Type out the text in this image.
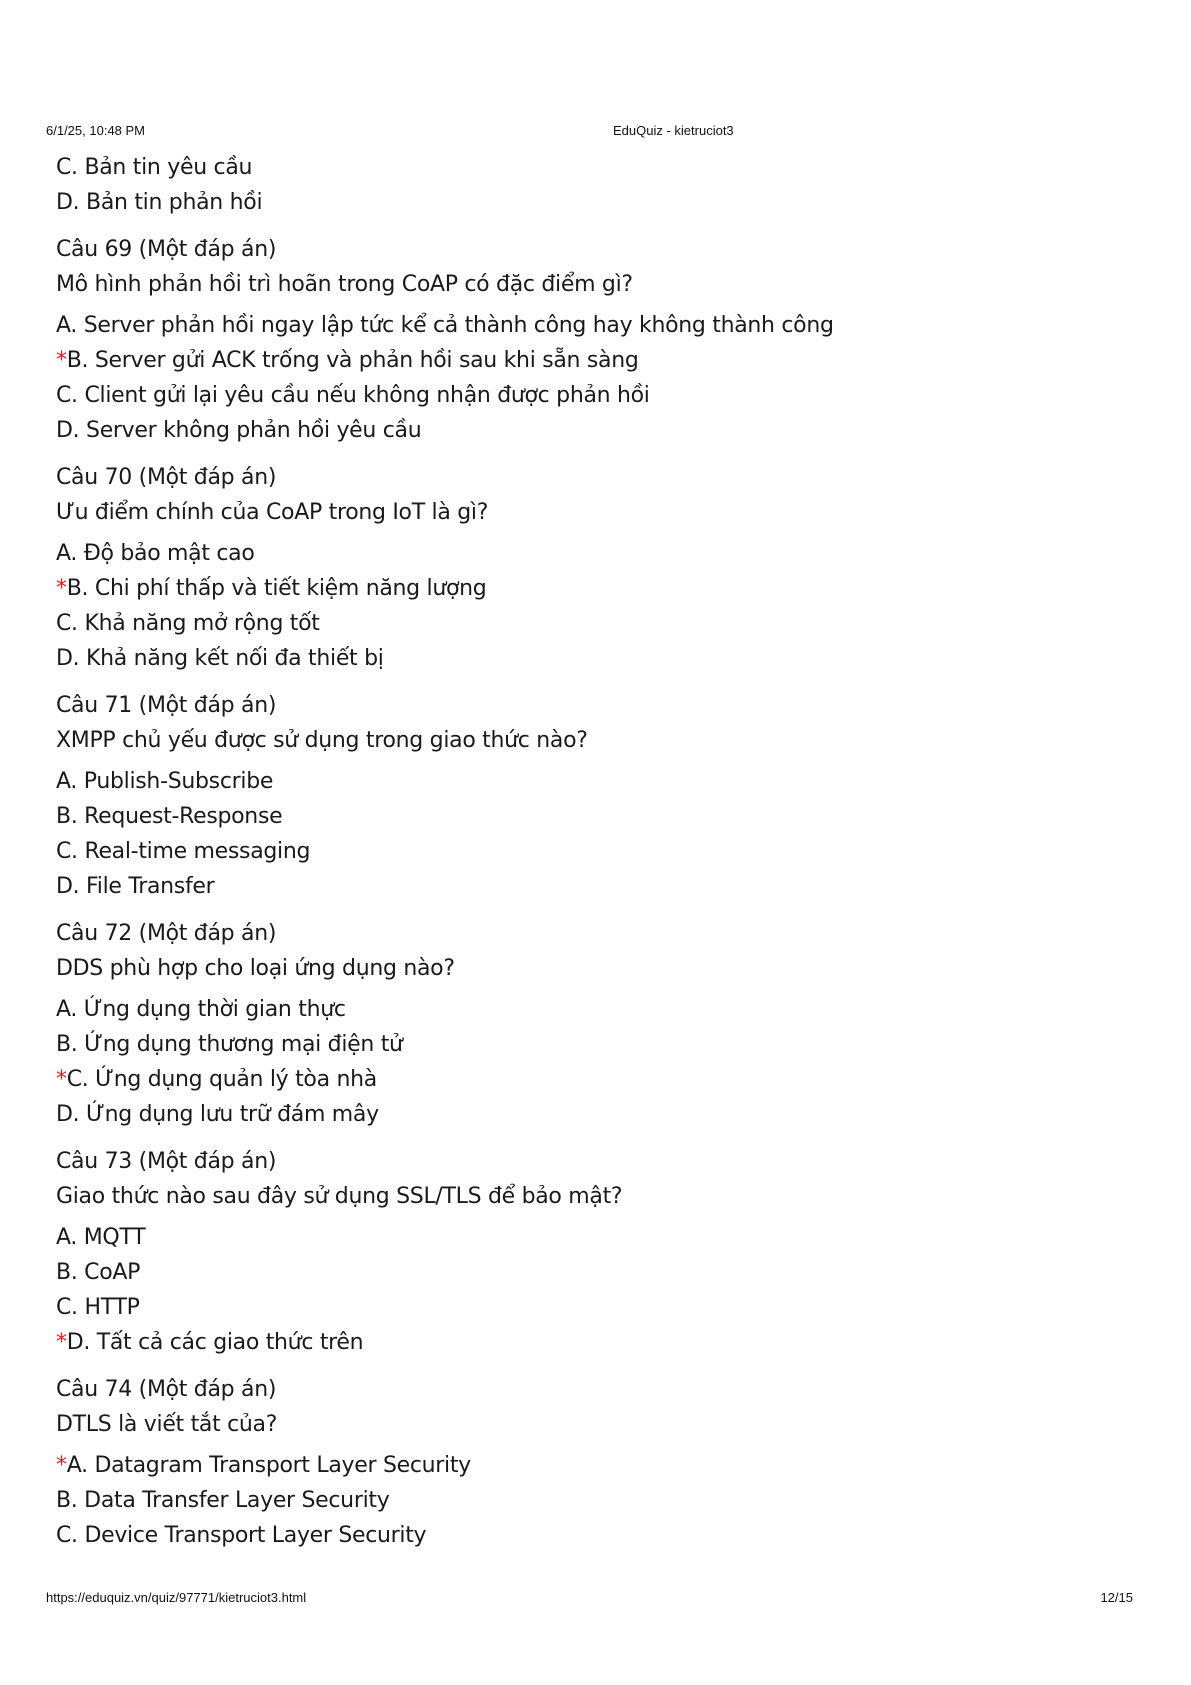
6/1/25, 10:48 PM	EduQuiz - kietruciot3
C. Bản tin yêu cầu
D. Bản tin phản hồi
Câu 69 (Một đáp án)
Mô hình phản hồi trì hoãn trong CoAP có đặc điểm gì?
A. Server phản hồi ngay lập tức kể cả thành công hay không thành công
*B. Server gửi ACK trống và phản hồi sau khi sẵn sàng
C. Client gửi lại yêu cầu nếu không nhận được phản hồi
D. Server không phản hồi yêu cầu
Câu 70 (Một đáp án)
Ưu điểm chính của CoAP trong IoT là gì?
A. Độ bảo mật cao
*B. Chi phí thấp và tiết kiệm năng lượng
C. Khả năng mở rộng tốt
D. Khả năng kết nối đa thiết bị
Câu 71 (Một đáp án)
XMPP chủ yếu được sử dụng trong giao thức nào?
A. Publish-Subscribe
B. Request-Response
C. Real-time messaging
D. File Transfer
Câu 72 (Một đáp án)
DDS phù hợp cho loại ứng dụng nào?
A. Ứng dụng thời gian thực
B. Ứng dụng thương mại điện tử
*C. Ứng dụng quản lý tòa nhà
D. Ứng dụng lưu trữ đám mây
Câu 73 (Một đáp án)
Giao thức nào sau đây sử dụng SSL/TLS để bảo mật?
A. MQTT
B. CoAP
C. HTTP
*D. Tất cả các giao thức trên
Câu 74 (Một đáp án)
DTLS là viết tắt của?
*A. Datagram Transport Layer Security
B. Data Transfer Layer Security
C. Device Transport Layer Security
https://eduquiz.vn/quiz/97771/kietruciot3.html	12/15
